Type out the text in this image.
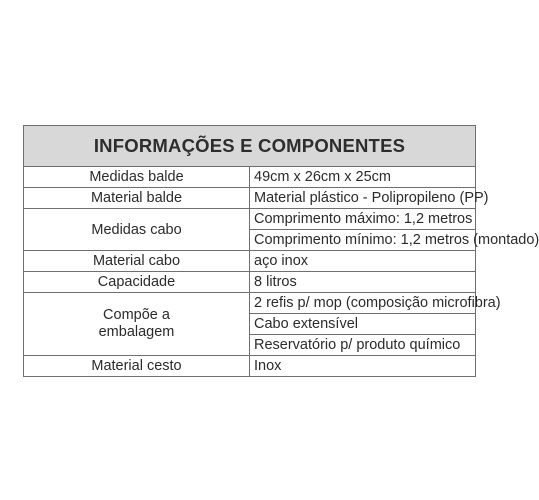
INFORMAÇÕES E COMPONENTES	
Medidas balde	49cm x 26cm x 25cm
Material balde	Material plástico - Polipropileno (PP)
Medidas cabo	Comprimento máximo: 1,2 metros
	Comprimento mínimo: 1,2 metros (montado)
Material cabo	aço inox
Capacidade	8 litros
Compõe a
embalagem	2 refis p/ mop (composição microfibra)
	Cabo extensível
	Reservatório p/ produto químico
Material cesto	Inox
